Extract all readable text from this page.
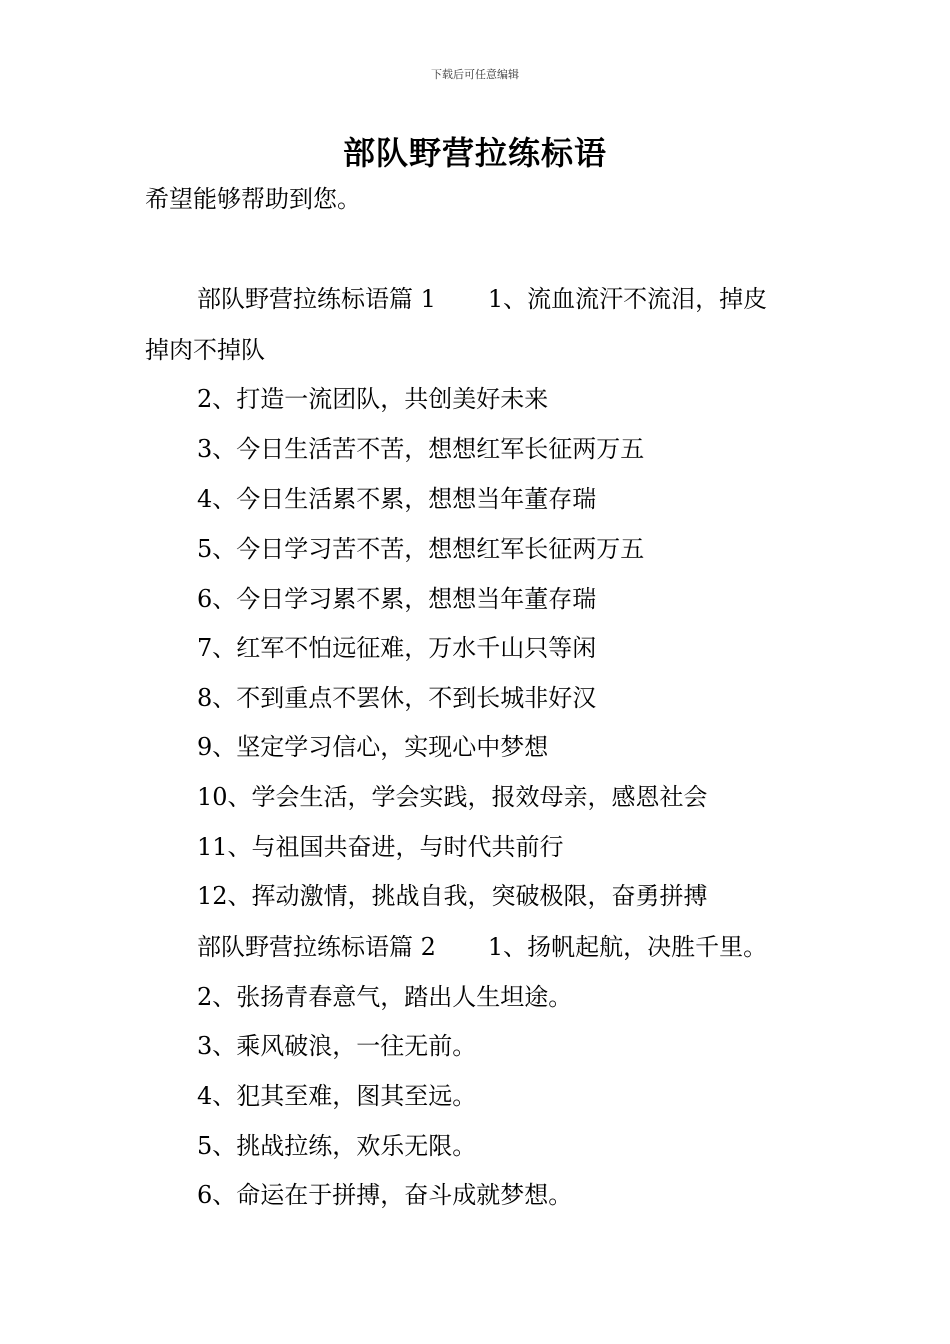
下载后可任意编辑
部队野营拉练标语
希望能够帮助到您。
部队野营拉练标语篇 1 1、流血流汗不流泪，掉皮
掉肉不掉队
2、打造一流团队，共创美好未来
3、今日生活苦不苦，想想红军长征两万五
4、今日生活累不累，想想当年董存瑞
5、今日学习苦不苦，想想红军长征两万五
6、今日学习累不累，想想当年董存瑞
7、红军不怕远征难，万水千山只等闲
8、不到重点不罢休，不到长城非好汉
9、坚定学习信心，实现心中梦想
10、学会生活，学会实践，报效母亲，感恩社会
11、与祖国共奋进，与时代共前行
12、挥动激情，挑战自我，突破极限，奋勇拼搏
部队野营拉练标语篇 2 1、扬帆起航，决胜千里。
2、张扬青春意气，踏出人生坦途。
3、乘风破浪，一往无前。
4、犯其至难，图其至远。
5、挑战拉练，欢乐无限。
6、命运在于拼搏，奋斗成就梦想。
